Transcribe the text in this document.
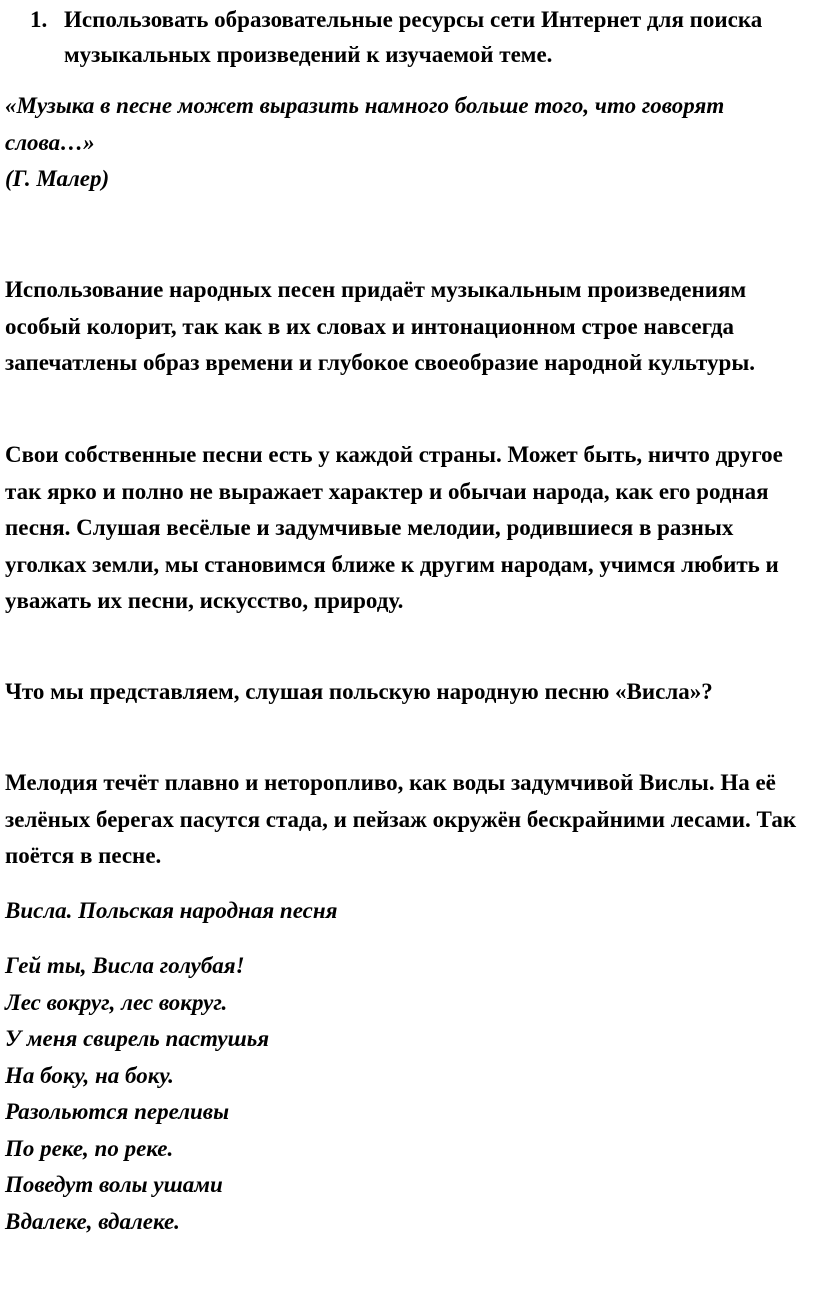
1. Использовать образовательные ресурсы сети Интернет для поиска музыкальных произведений к изучаемой теме.

«Музыка в песне может выразить намного больше того, что говорят слова…»

(Г. Малер)

Использование народных песен придаёт музыкальным произведениям особый колорит, так как в их словах и интонационном строе навсегда запечатлены образ времени и глубокое своеобразие народной культуры.

Свои собственные песни есть у каждой страны. Может быть, ничто другое так ярко и полно не выражает характер и обычаи народа, как его родная песня. Слушая весёлые и задумчивые мелодии, родившиеся в разных уголках земли, мы становимся ближе к другим народам, учимся любить и уважать их песни, искусство, природу.

Что мы представляем, слушая польскую народную песню «Висла»?

Мелодия течёт плавно и неторопливо, как воды задумчивой Вислы. На её зелёных берегах пасутся стада, и пейзаж окружён бескрайними лесами. Так поётся в песне.

Висла. Польская народная песня

Гей ты, Висла голубая!
Лес вокруг, лес вокруг.
У меня свирель пастушья
На боку, на боку.
Разольются переливы
По реке, по реке.
Поведут волы ушами
Вдалеке, вдалеке.
